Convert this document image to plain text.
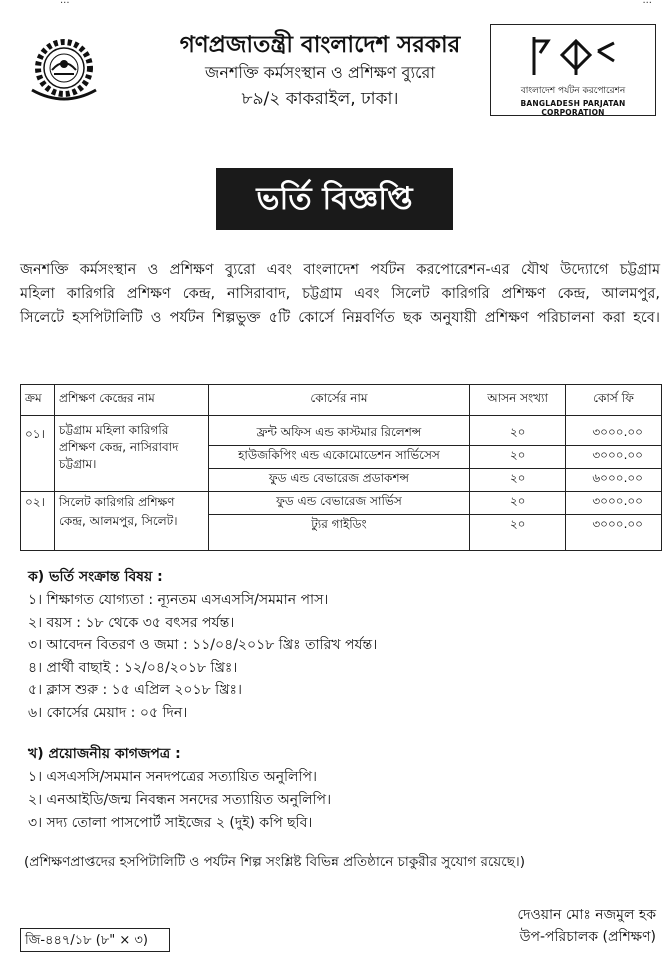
...	...
গণপ্রজাতন্ত্রী বাংলাদেশ সরকার
জনশক্তি কর্মসংস্থান ও প্রশিক্ষণ ব্যুরো
৮৯/২ কাকরাইল, ঢাকা।	বাংলাদেশ পর্যটন করপোরেশন
BANGLADESH PARJATAN CORPORATION
ভর্তি বিজ্ঞপ্তি
জনশক্তি কর্মসংস্থান ও প্রশিক্ষণ ব্যুরো এবং বাংলাদেশ পর্যটন করপোরেশন-এর যৌথ উদ্যোগে চট্টগ্রাম
মহিলা কারিগরি প্রশিক্ষণ কেন্দ্র, নাসিরাবাদ, চট্টগ্রাম এবং সিলেট কারিগরি প্রশিক্ষণ কেন্দ্র, আলমপুর,
সিলেটে হসপিটালিটি ও পর্যটন শিল্পভুক্ত ৫টি কোর্সে নিম্নবর্ণিত ছক অনুযায়ী প্রশিক্ষণ পরিচালনা করা হবে।
ক্রম	প্রশিক্ষণ কেন্দ্রের নাম	কোর্সের নাম	আসন সংখ্যা	কোর্স ফি
০১।	চট্টগ্রাম মহিলা কারিগরি
প্রশিক্ষণ কেন্দ্র, নাসিরাবাদ
চট্টগ্রাম।	ফ্রন্ট অফিস এন্ড কাস্টমার রিলেশন্স	২০	৩০০০.০০
		হাউজকিপিং এন্ড একোমোডেশন সার্ভিসেস	২০	৩০০০.০০
		ফুড এন্ড বেভারেজ প্রডাকশন্স	২০	৬০০০.০০
০২।	সিলেট কারিগরি প্রশিক্ষণ
কেন্দ্র, আলমপুর, সিলেট।	ফুড এন্ড বেভারেজ সার্ভিস	২০	৩০০০.০০
		ট্যুর গাইডিং	২০	৩০০০.০০
ক) ভর্তি সংক্রান্ত বিষয় :
১। শিক্ষাগত যোগ্যতা : ন্যূনতম এসএসসি/সমমান পাস।
২। বয়স : ১৮ থেকে ৩৫ বৎসর পর্যন্ত।
৩। আবেদন বিতরণ ও জমা : ১১/০৪/২০১৮ খ্রিঃ তারিখ পর্যন্ত।
৪। প্রার্থী বাছাই : ১২/০৪/২০১৮ খ্রিঃ।
৫। ক্লাস শুরু : ১৫ এপ্রিল ২০১৮ খ্রিঃ।
৬। কোর্সের মেয়াদ : ০৫ দিন।
খ) প্রয়োজনীয় কাগজপত্র :
১। এসএসসি/সমমান সনদপত্রের সত্যায়িত অনুলিপি।
২। এনআইডি/জন্ম নিবন্ধন সনদের সত্যায়িত অনুলিপি।
৩। সদ্য তোলা পাসপোর্ট সাইজের ২ (দুই) কপি ছবি।
(প্রশিক্ষণপ্রাপ্তদের হসপিটালিটি ও পর্যটন শিল্প সংশ্লিষ্ট বিভিন্ন প্রতিষ্ঠানে চাকুরীর সুযোগ রয়েছে।)
দেওয়ান মোঃ নজমুল হক
উপ-পরিচালক (প্রশিক্ষণ)
জি-৪৪৭/১৮ (৮" × ৩)
